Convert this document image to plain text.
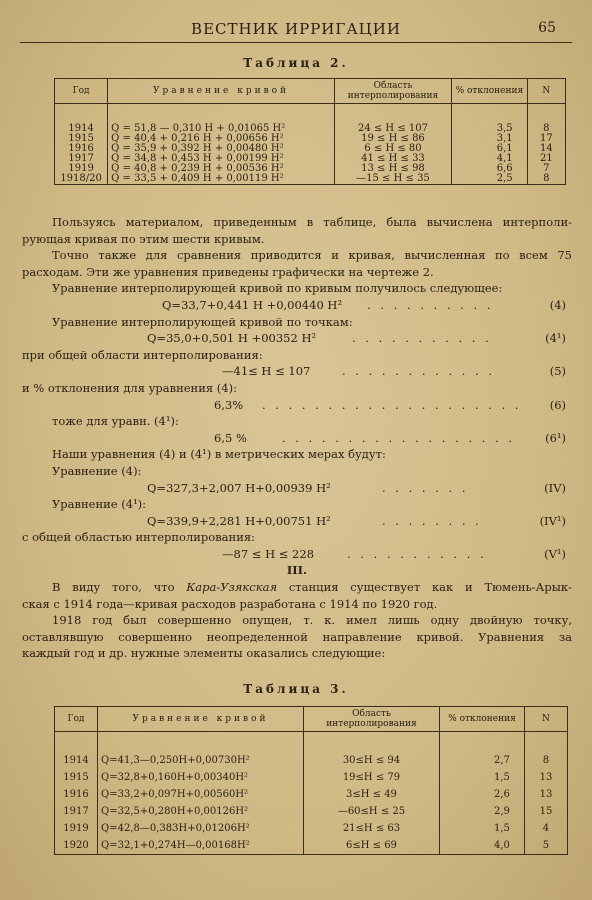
ВЕСТНИК ИРРИГАЦИИ	65
Таблица 2.
Год	Уравнение кривой	Область интерполирования	% отклонения	N

1914	Q = 51,8 — 0,310 H + 0,01065 H²	24 ≤ H ≤ 107	3,5	8
1915	Q = 40,4 + 0,216 H + 0,00656 H²	19 ≤ H ≤ 86	3,1	17
1916	Q = 35,9 + 0,392 H + 0,00480 H²	6 ≤ H ≤ 80	6,1	14
1917	Q = 34,8 + 0,453 H + 0,00199 H²	41 ≤ H ≤ 33	4,1	21
1919	Q = 40,8 + 0,239 H + 0,00536 H²	13 ≤ H ≤ 98	6,6	7
1918/20	Q = 33,5 + 0,409 H + 0,00119 H²	—15 ≤ H ≤ 35	2,5	8
Пользуясь материалом, приведенным в таблице, была вычислена интерполи-
рующая кривая по этим шести кривым.
Точно также для сравнения приводится и кривая, вычисленная по всем 75
расходам. Эти же уравнения приведены графически на чертеже 2.
Уравнение интерполирующей кривой по кривым получилось следующее:
Q=33,7+0,441 H +0,00440 H² . . . . . . . . . .	(4)
Уравнение интерполирующей кривой по точкам:
Q=35,0+0,501 H +00352 H²	. . . . . . . . . . .	(4¹)
при общей области интерполирования:
—41≤ H ≤ 107	. . . . . . . . . . . .	(5)
и % отклонения для уравнения (4):
6,3% . . . . . . . . . . . . . . . . . . . . (6)
тоже для уравн. (4¹):
6,5 %	. . . . . . . . . . . . . . . . . .	(6¹)
Наши уравнения (4) и (4¹) в метрических мерах будут:
Уравнение (4):
Q=327,3+2,007 H+0,00939 H²	. . . . . . .	(IV)
Уравнение (4¹):
Q=339,9+2,281 H+0,00751 H²	. . . . . . . .	(IV¹)
с общей областью интерполирования:
—87 ≤ H ≤ 228	. . . . . . . . . . .	(V¹)
III.
В виду того, что Кара-Узякская станция существует как и Тюмень-Арык-
ская с 1914 года—кривая расходов разработана с 1914 по 1920 год.
1918 год был совершенно опущен, т. к. имел лишь одну двойную точку,
оставлявшую совершенно неопределенной направление кривой. Уравнения за
каждый год и др. нужные элементы оказались следующие:
Таблица 3.
Год	Уравнение кривой	Область интерполирования	% отклонения	N

1914	Q=41,3—0,250H+0,00730H²	30≤H ≤ 94	2,7	8
1915	Q=32,8+0,160H+0,00340H²	19≤H ≤ 79	1,5	13
1916	Q=33,2+0,097H+0,00560H²	3≤H ≤ 49	2,6	13
1917	Q=32,5+0,280H+0,00126H²	—60≤H ≤ 25	2,9	15
1919	Q=42,8—0,383H+0,01206H²	21≤H ≤ 63	1,5	4
1920	Q=32,1+0,274H—0,00168H²	6≤H ≤ 69	4,0	5
